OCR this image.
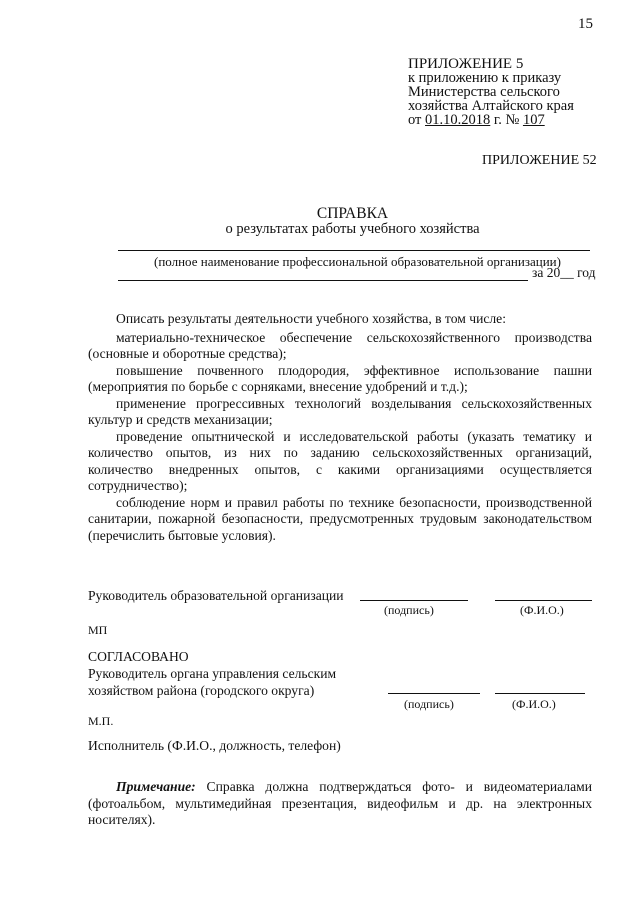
15
ПРИЛОЖЕНИЕ 5
к приложению к приказу
Министерства сельского
хозяйства Алтайского края
от 01.10.2018 г. № 107
ПРИЛОЖЕНИЕ 52
СПРАВКА
о результатах работы учебного хозяйства
(полное наименование профессиональной образовательной организации)
за 20__ год

Описать результаты деятельности учебного хозяйства, в том числе:

материально-техническое обеспечение сельскохозяйственного производства (основные и оборотные средства);

повышение почвенного плодородия, эффективное использование пашни (мероприятия по борьбе с сорняками, внесение удобрений и т.д.);

применение прогрессивных технологий возделывания сельскохозяйственных культур и средств механизации;

проведение опытнической и исследовательской работы (указать тематику и количество опытов, из них по заданию сельскохозяйственных организаций, количество внедренных опытов, с какими организациями осуществляется сотрудничество);

соблюдение норм и правил работы по технике безопасности, производственной санитарии, пожарной безопасности, предусмотренных трудовым законодательством (перечислить бытовые условия).

Руководитель образовательной организации
(подпись)	(Ф.И.О.)
МП
СОГЛАСОВАНО
Руководитель органа управления сельским
хозяйством района (городского округа)
(подпись)	(Ф.И.О.)
М.П.
Исполнитель (Ф.И.О., должность, телефон)

Примечание: Справка должна подтверждаться фото- и видеоматериалами (фотоальбом, мультимедийная презентация, видеофильм и др. на электронных носителях).
